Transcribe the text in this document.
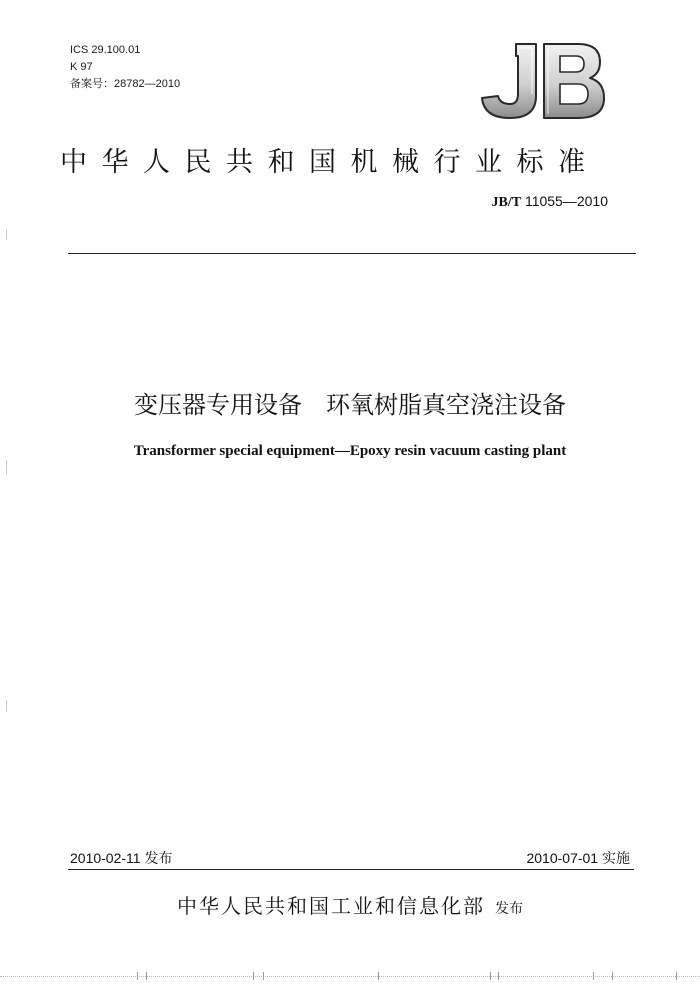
ICS 29.100.01
K 97
备案号：28782—2010
中华人民共和国机械行业标准
JB/T 11055—2010
变压器专用设备　环氧树脂真空浇注设备
Transformer special equipment—Epoxy resin vacuum casting plant
2010-02-11 发布	2010-07-01 实施
中华人民共和国工业和信息化部 发布
